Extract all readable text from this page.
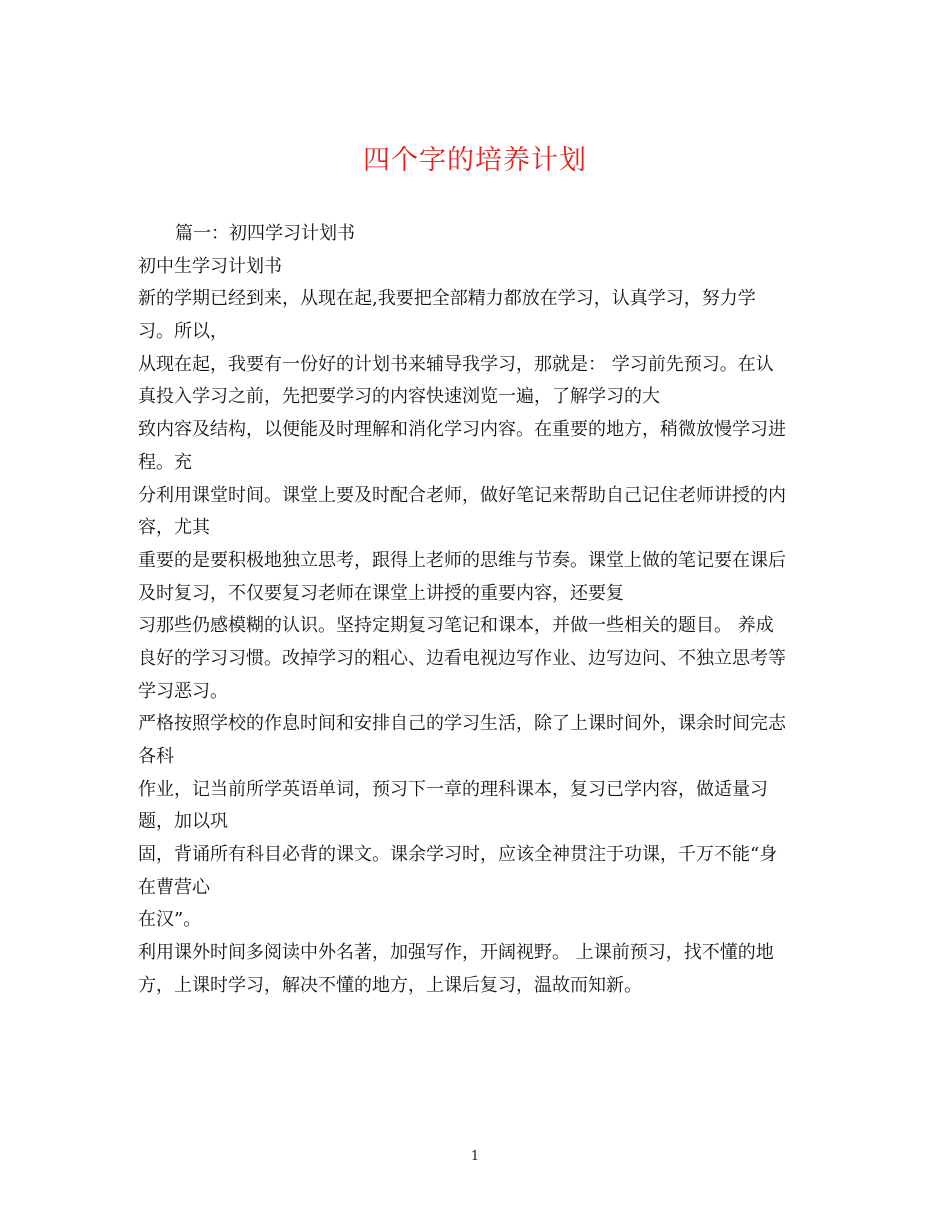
四个字的培养计划
篇一：初四学习计划书
初中生学习计划书
新的学期已经到来，从现在起,我要把全部精力都放在学习，认真学习，努力学
习。所以，
从现在起，我要有一份好的计划书来辅导我学习，那就是： 学习前先预习。在认
真投入学习之前，先把要学习的内容快速浏览一遍，了解学习的大
致内容及结构，以便能及时理解和消化学习内容。在重要的地方，稍微放慢学习进
程。充
分利用课堂时间。课堂上要及时配合老师，做好笔记来帮助自己记住老师讲授的内
容，尤其
重要的是要积极地独立思考，跟得上老师的思维与节奏。课堂上做的笔记要在课后
及时复习，不仅要复习老师在课堂上讲授的重要内容，还要复
习那些仍感模糊的认识。坚持定期复习笔记和课本，并做一些相关的题目。 养成
良好的学习习惯。改掉学习的粗心、边看电视边写作业、边写边问、不独立思考等
学习恶习。
严格按照学校的作息时间和安排自己的学习生活，除了上课时间外，课余时间完志
各科
作业，记当前所学英语单词，预习下一章的理科课本，复习已学内容，做适量习
题，加以巩
固，背诵所有科目必背的课文。课余学习时，应该全神贯注于功课，千万不能“身
在曹营心
在汉”。
利用课外时间多阅读中外名著，加强写作，开阔视野。 上课前预习，找不懂的地
方，上课时学习，解决不懂的地方，上课后复习，温故而知新。
1
